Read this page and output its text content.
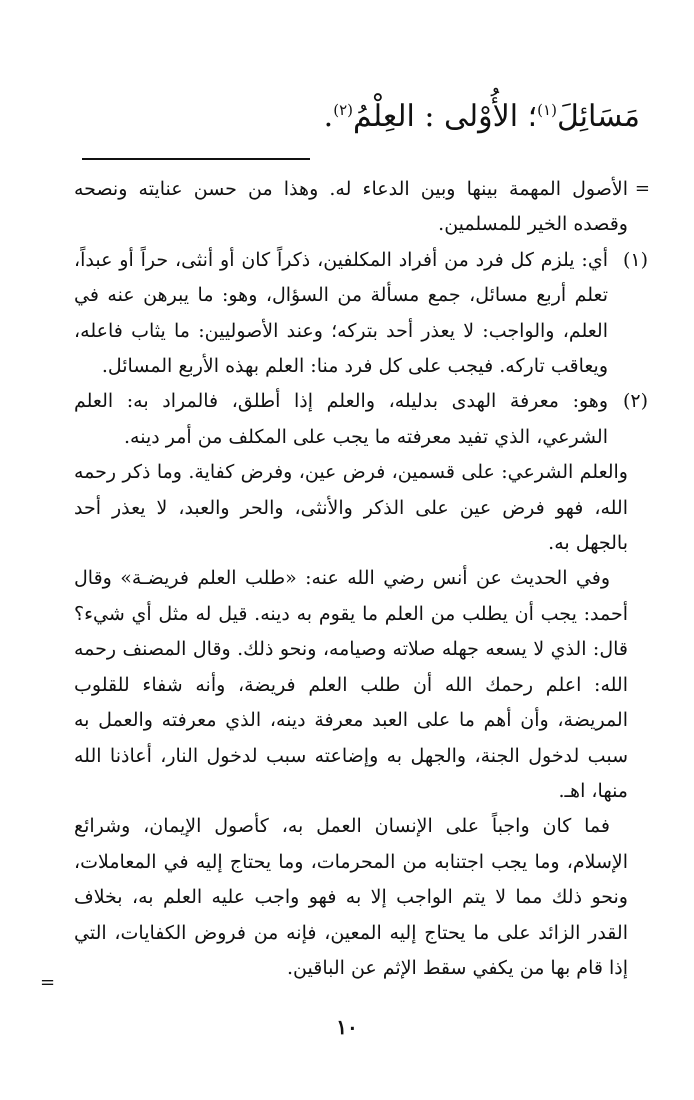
مَسَائِلَ$^{(١)}$؛ الأُوْلى : العِلْمُ$^{(٢)}$.
=

الأصول المهمة بينها وبين الدعاء له. وهذا من حسن عنايته ونصحه وقصده الخير للمسلمين.

(١)

أي: يلزم كل فرد من أفراد المكلفين، ذكراً كان أو أنثى، حراً أو عبداً، تعلم أربع مسائل، جمع مسألة من السؤال، وهو: ما يبرهن عنه في العلم، والواجب: لا يعذر أحد بتركه؛ وعند الأصوليين: ما يثاب فاعله، ويعاقب تاركه. فيجب على كل فرد منا: العلم بهذه الأربع المسائل.

(٢)

وهو: معرفة الهدى بدليله، والعلم إذا أطلق، فالمراد به: العلم الشرعي، الذي تفيد معرفته ما يجب على المكلف من أمر دينه.

والعلم الشرعي: على قسمين، فرض عين، وفرض كفاية. وما ذكر رحمه الله، فهو فرض عين على الذكر والأنثى، والحر والعبد، لا يعذر أحد بالجهل به.

وفي الحديث عن أنس رضي الله عنه: «طلب العلم فريضـة» وقال أحمد: يجب أن يطلب من العلم ما يقوم به دينه. قيل له مثل أي شيء؟ قال: الذي لا يسعه جهله صلاته وصيامه، ونحو ذلك. وقال المصنف رحمه الله: اعلم رحمك الله أن طلب العلم فريضة، وأنه شفاء للقلوب المريضة، وأن أهم ما على العبد معرفة دينه، الذي معرفته والعمل به سبب لدخول الجنة، والجهل به وإضاعته سبب لدخول النار، أعاذنا الله منها، اهـ.

فما كان واجباً على الإنسان العمل به، كأصول الإيمان، وشرائع الإسلام، وما يجب اجتنابه من المحرمات، وما يحتاج إليه في المعاملات، ونحو ذلك مما لا يتم الواجب إلا به فهو واجب عليه العلم به، بخلاف القدر الزائد على ما يحتاج إليه المعين، فإنه من فروض الكفايات، التي إذا قام بها من يكفي سقط الإثم عن الباقين.

=
١٠
